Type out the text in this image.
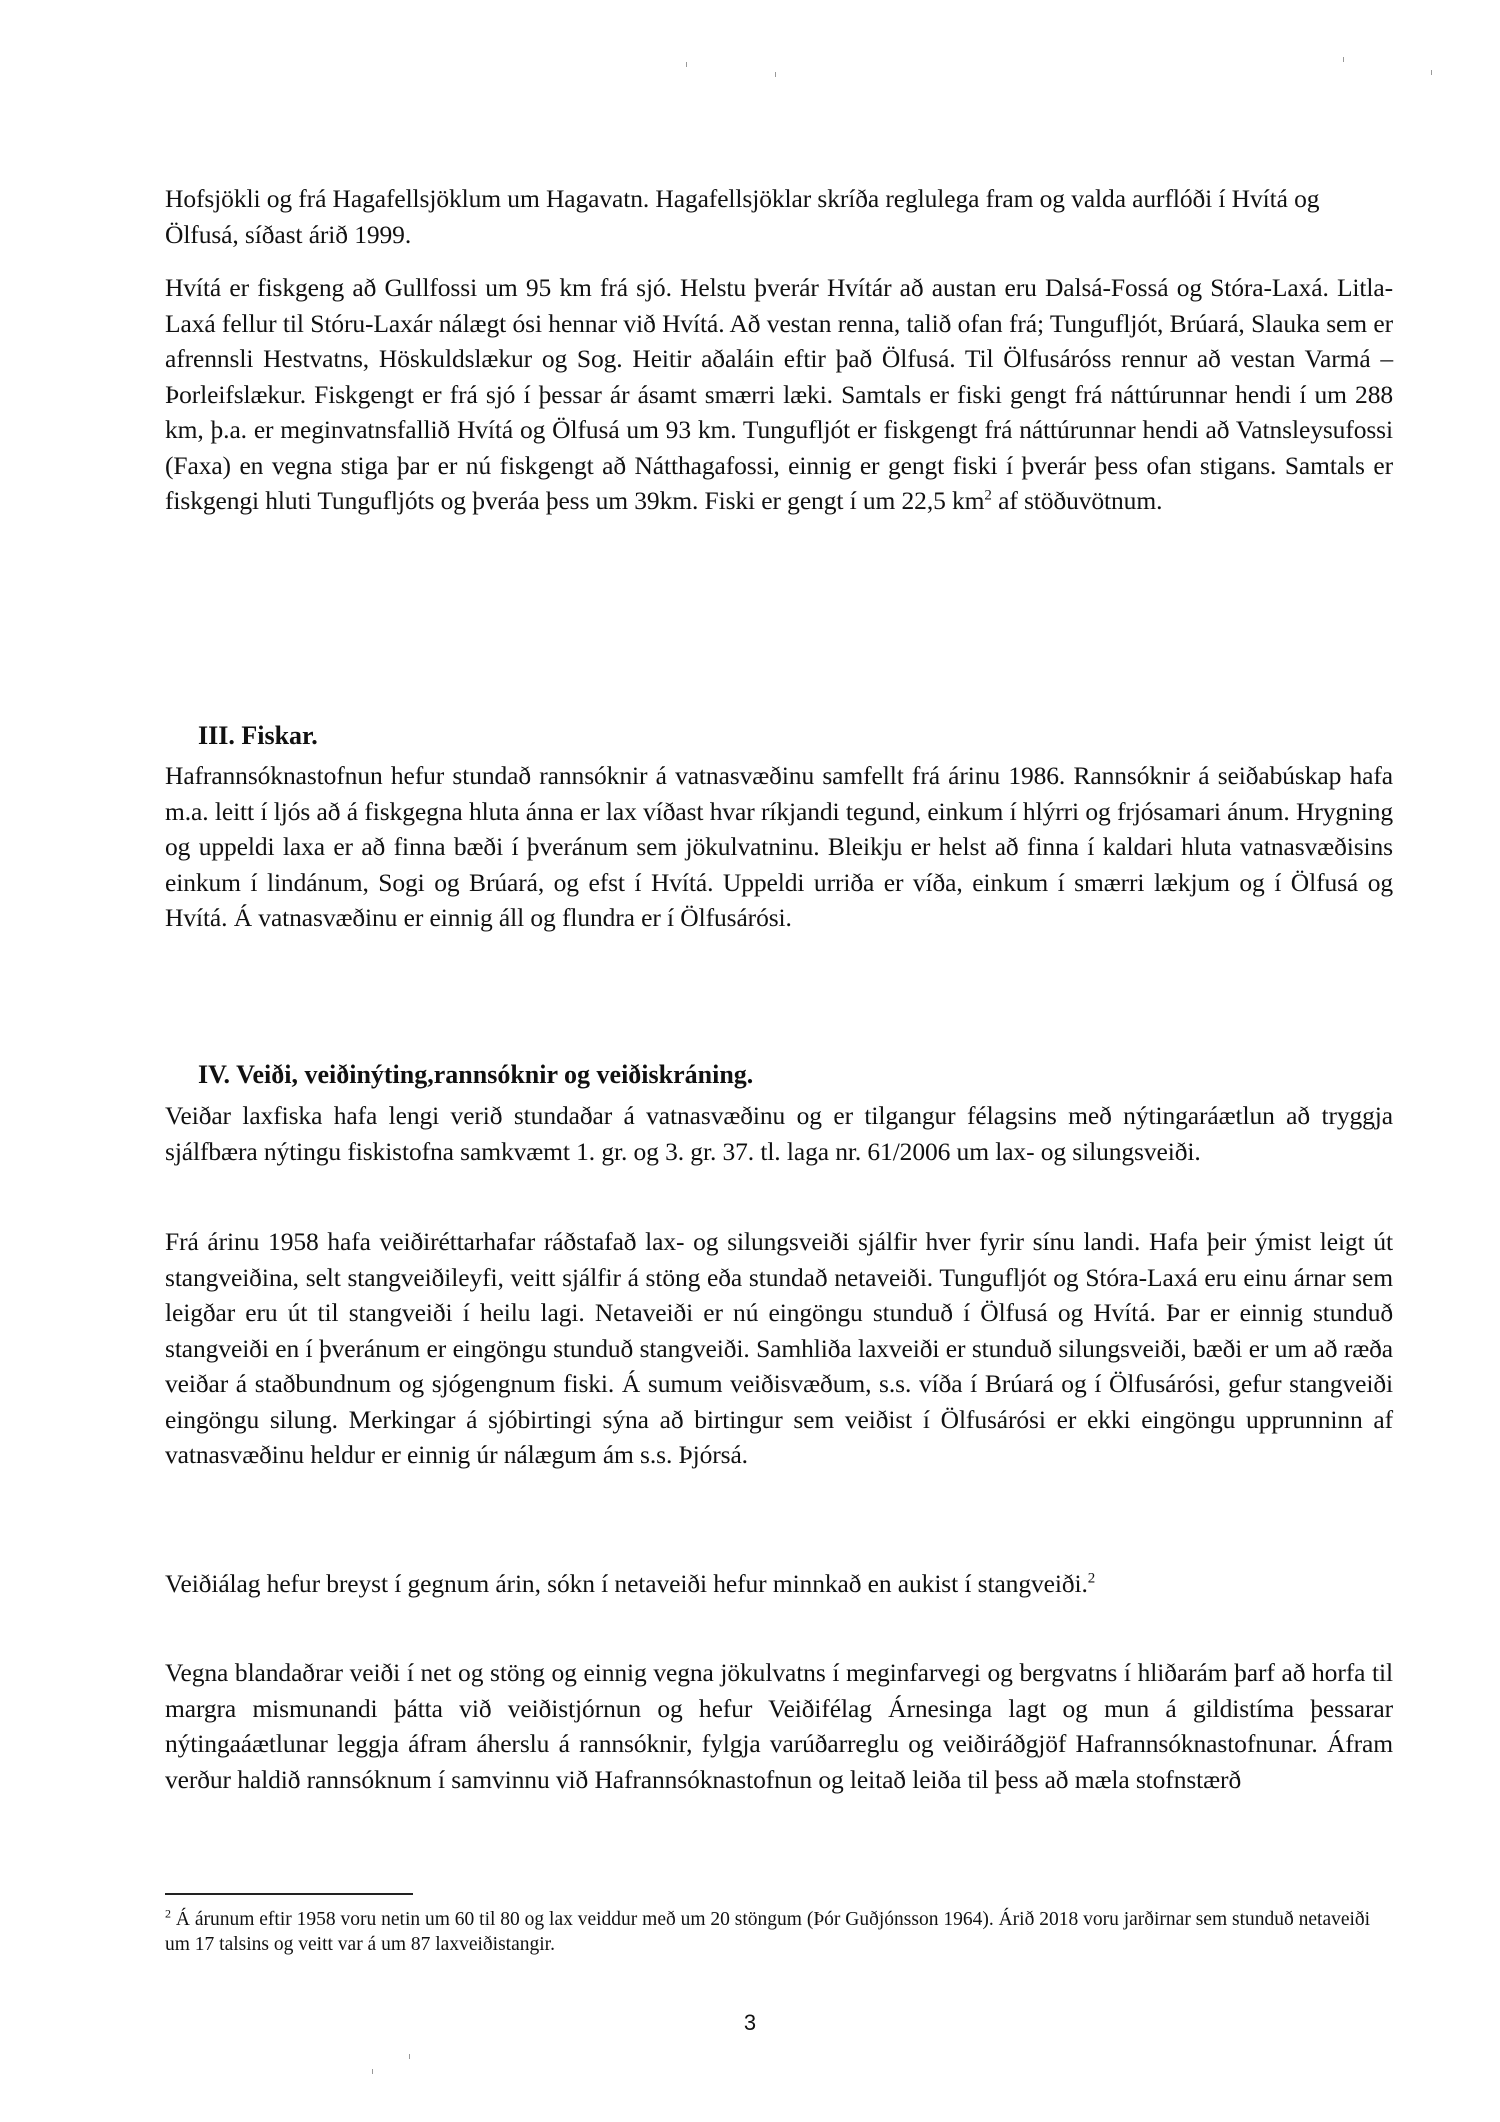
Hofsjökli og frá Hagafellsjöklum um Hagavatn. Hagafellsjöklar skríða reglulega fram og valda aurflóði í Hvítá og Ölfusá, síðast árið 1999.

Hvítá er fiskgeng að Gullfossi um 95 km frá sjó. Helstu þverár Hvítár að austan eru Dalsá-Fossá og Stóra-Laxá. Litla-Laxá fellur til Stóru-Laxár nálægt ósi hennar við Hvítá. Að vestan renna, talið ofan frá; Tungufljót, Brúará, Slauka sem er afrennsli Hestvatns, Höskuldslækur og Sog. Heitir aðaláin eftir það Ölfusá. Til Ölfusáróss rennur að vestan Varmá – Þorleifslækur. Fiskgengt er frá sjó í þessar ár ásamt smærri læki. Samtals er fiski gengt frá náttúrunnar hendi í um 288 km, þ.a. er meginvatnsfallið Hvítá og Ölfusá um 93 km. Tungufljót er fiskgengt frá náttúrunnar hendi að Vatnsleysufossi (Faxa) en vegna stiga þar er nú fiskgengt að Nátthagafossi, einnig er gengt fiski í þverár þess ofan stigans. Samtals er fiskgengi hluti Tungufljóts og þveráa þess um 39km. Fiski er gengt í um 22,5 $km^2$ af stöðuvötnum.

III. Fiskar.

Hafrannsóknastofnun hefur stundað rannsóknir á vatnasvæðinu samfellt frá árinu 1986. Rannsóknir á seiðabúskap hafa m.a. leitt í ljós að á fiskgegna hluta ánna er lax víðast hvar ríkjandi tegund, einkum í hlýrri og frjósamari ánum. Hrygning og uppeldi laxa er að finna bæði í þveránum sem jökulvatninu. Bleikju er helst að finna í kaldari hluta vatnasvæðisins einkum í lindánum, Sogi og Brúará, og efst í Hvítá. Uppeldi urriða er víða, einkum í smærri lækjum og í Ölfusá og Hvítá. Á vatnasvæðinu er einnig áll og flundra er í Ölfusárósi.

IV. Veiði, veiðinýting,rannsóknir og veiðiskráning.

Veiðar laxfiska hafa lengi verið stundaðar á vatnasvæðinu og er tilgangur félagsins með nýtingaráætlun að tryggja sjálfbæra nýtingu fiskistofna samkvæmt 1. gr. og 3. gr. 37. tl. laga nr. 61/2006 um lax- og silungsveiði.

Frá árinu 1958 hafa veiðiréttarhafar ráðstafað lax- og silungsveiði sjálfir hver fyrir sínu landi. Hafa þeir ýmist leigt út stangveiðina, selt stangveiðileyfi, veitt sjálfir á stöng eða stundað netaveiði. Tungufljót og Stóra-Laxá eru einu árnar sem leigðar eru út til stangveiði í heilu lagi. Netaveiði er nú eingöngu stunduð í Ölfusá og Hvítá. Þar er einnig stunduð stangveiði en í þveránum er eingöngu stunduð stangveiði. Samhliða laxveiði er stunduð silungsveiði, bæði er um að ræða veiðar á staðbundnum og sjógengnum fiski. Á sumum veiðisvæðum, s.s. víða í Brúará og í Ölfusárósi, gefur stangveiði eingöngu silung. Merkingar á sjóbirtingi sýna að birtingur sem veiðist í Ölfusárósi er ekki eingöngu upprunninn af vatnasvæðinu heldur er einnig úr nálægum ám s.s. Þjórsá.

Veiðiálag hefur breyst í gegnum árin, sókn í netaveiði hefur minnkað en aukist í stangveiði.$^2$

Vegna blandaðrar veiði í net og stöng og einnig vegna jökulvatns í meginfarvegi og bergvatns í hliðarám þarf að horfa til margra mismunandi þátta við veiðistjórnun og hefur Veiðifélag Árnesinga lagt og mun á gildistíma þessarar nýtingaáætlunar leggja áfram áherslu á rannsóknir, fylgja varúðarreglu og veiðiráðgjöf Hafrannsóknastofnunar. Áfram verður haldið rannsóknum í samvinnu við Hafrannsóknastofnun og leitað leiða til þess að mæla stofnstærð

$^2$ Á árunum eftir 1958 voru netin um 60 til 80 og lax veiddur með um 20 stöngum (Þór Guðjónsson 1964). Árið 2018 voru jarðirnar sem stunduð netaveiði um 17 talsins og veitt var á um 87 laxveiðistangir.

3
